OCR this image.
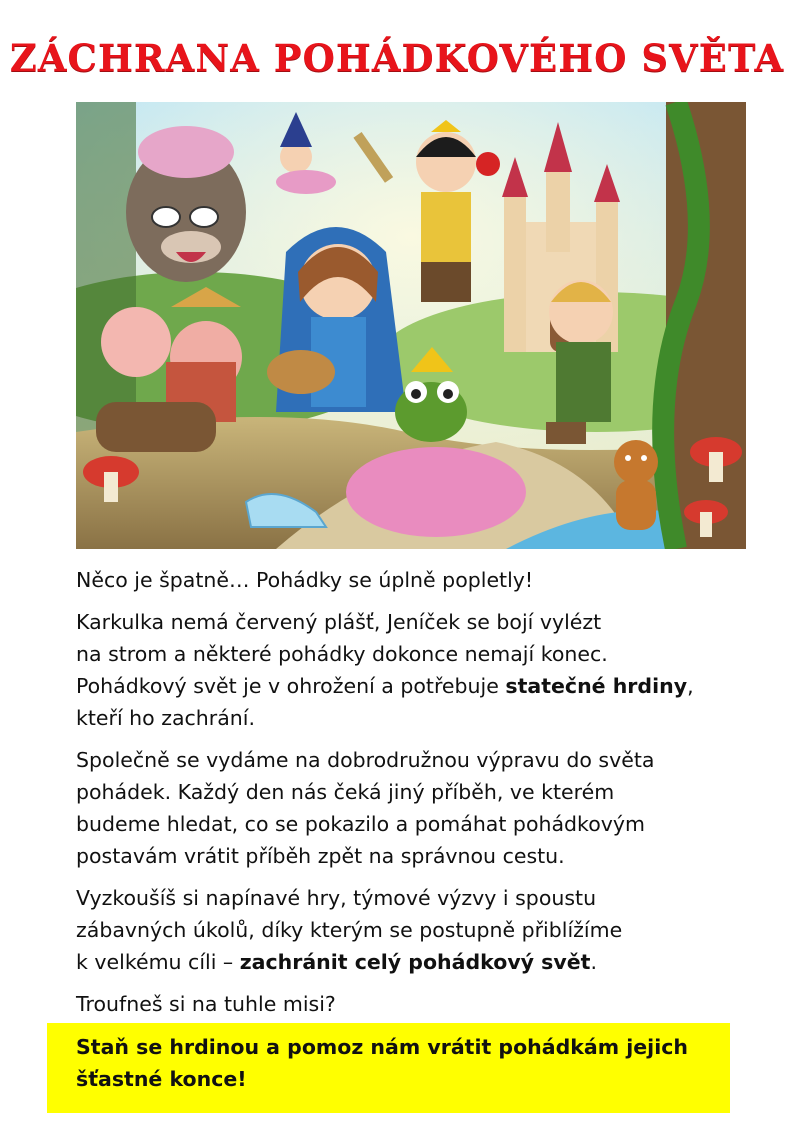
ZÁCHRANA POHÁDKOVÉHO SVĚTA

Něco je špatně… Pohádky se úplně popletly!

Karkulka nemá červený plášť, Jeníček se bojí vylézt
na strom a některé pohádky dokonce nemají konec.
Pohádkový svět je v ohrožení a potřebuje statečné hrdiny,
kteří ho zachrání.

Společně se vydáme na dobrodružnou výpravu do světa
pohádek. Každý den nás čeká jiný příběh, ve kterém
budeme hledat, co se pokazilo a pomáhat pohádkovým
postavám vrátit příběh zpět na správnou cestu.

Vyzkoušíš si napínavé hry, týmové výzvy i spoustu
zábavných úkolů, díky kterým se postupně přiblížíme
k velkému cíli – zachránit celý pohádkový svět.

Troufneš si na tuhle misi?

Staň se hrdinou a pomoz nám vrátit pohádkám jejich
šťastné konce!
